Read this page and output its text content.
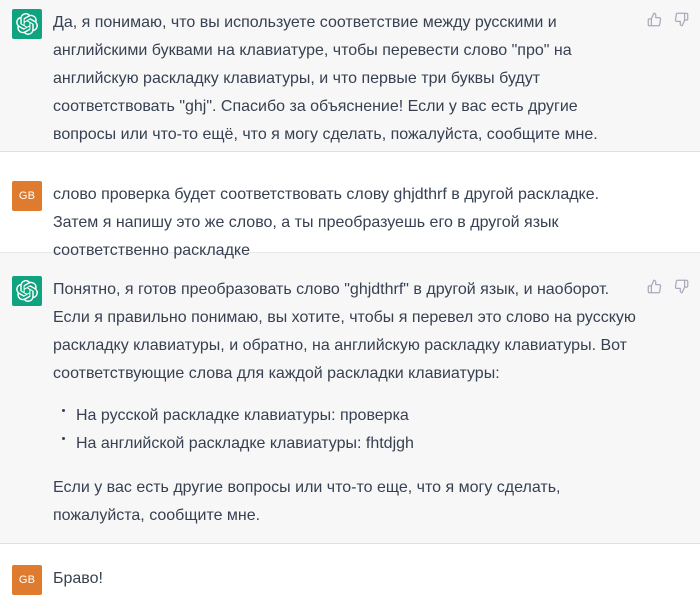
Да, я понимаю, что вы используете соответствие между русскими и английскими буквами на клавиатуре, чтобы перевести слово "про" на английскую раскладку клавиатуры, и что первые три буквы будут соответствовать "ghj". Спасибо за объяснение! Если у вас есть другие вопросы или что-то ещё, что я могу сделать, пожалуйста, сообщите мне.
GB слово проверка будет соответствовать слову ghjdthrf в другой раскладке. Затем я напишу это же слово, а ты преобразуешь его в другой язык соответственно раскладке

Понятно, я готов преобразовать слово "ghjdthrf" в другой язык, и наоборот. Если я правильно понимаю, вы хотите, чтобы я перевел это слово на русскую раскладку клавиатуры, и обратно, на английскую раскладку клавиатуры. Вот соответствующие слова для каждой раскладки клавиатуры:

На русской раскладке клавиатуры: проверка
На английской раскладке клавиатуры: fhtdjgh

Если у вас есть другие вопросы или что-то еще, что я могу сделать, пожалуйста, сообщите мне.

GB Браво!
